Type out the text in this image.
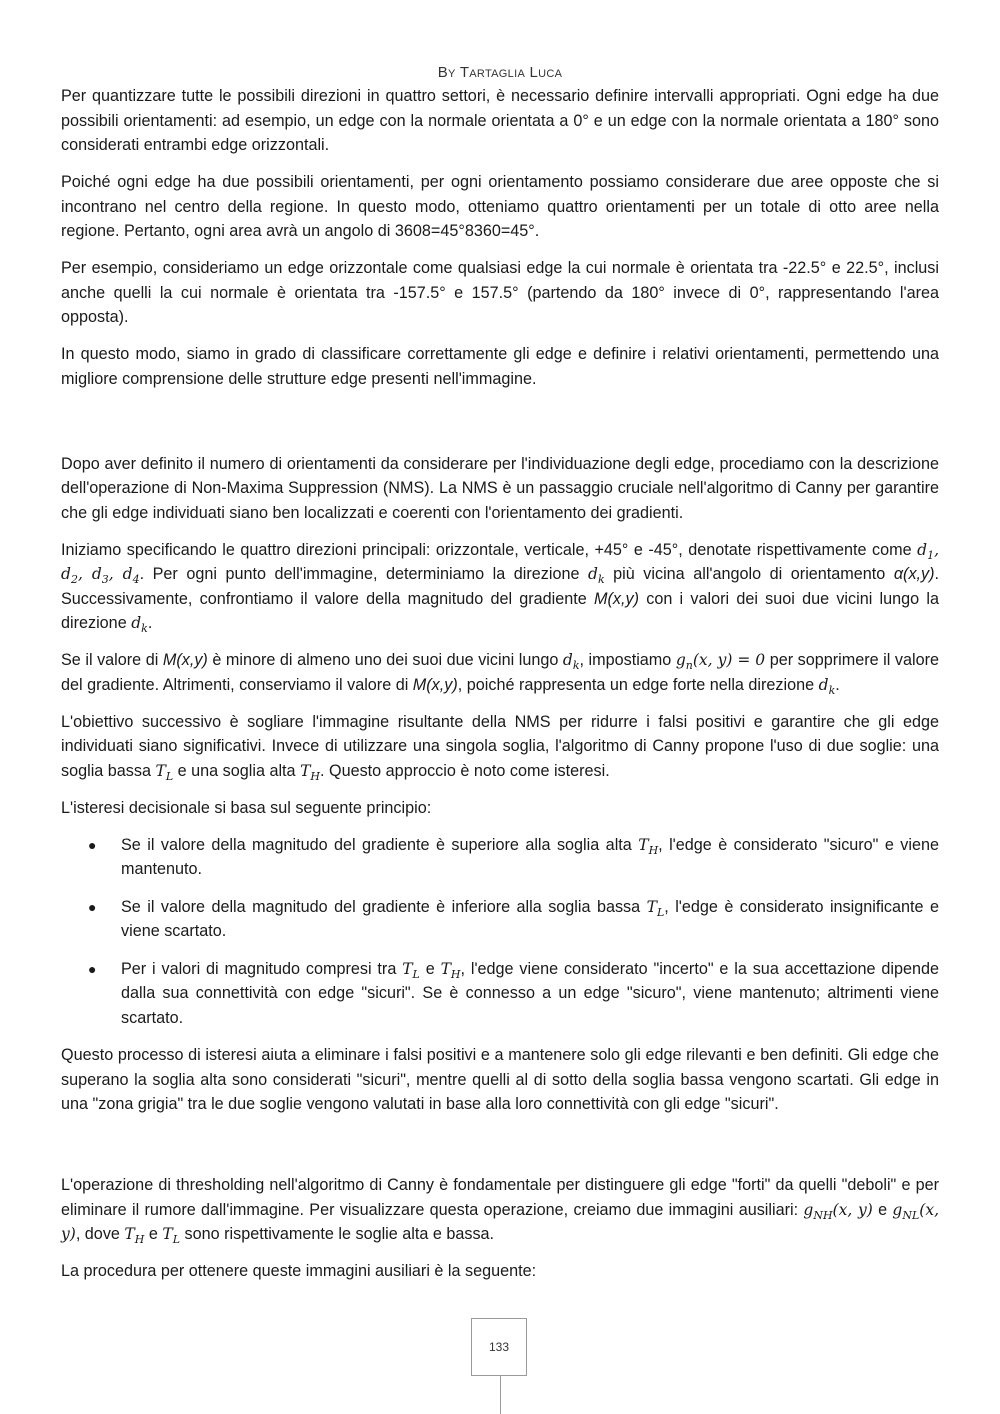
By Tartaglia Luca

Per quantizzare tutte le possibili direzioni in quattro settori, è necessario definire intervalli appropriati. Ogni edge ha due possibili orientamenti: ad esempio, un edge con la normale orientata a 0° e un edge con la normale orientata a 180° sono considerati entrambi edge orizzontali.

Poiché ogni edge ha due possibili orientamenti, per ogni orientamento possiamo considerare due aree opposte che si incontrano nel centro della regione. In questo modo, otteniamo quattro orientamenti per un totale di otto aree nella regione. Pertanto, ogni area avrà un angolo di 3608=45°8360=45°.

Per esempio, consideriamo un edge orizzontale come qualsiasi edge la cui normale è orientata tra -22.5° e 22.5°, inclusi anche quelli la cui normale è orientata tra -157.5° e 157.5° (partendo da 180° invece di 0°, rappresentando l'area opposta).

In questo modo, siamo in grado di classificare correttamente gli edge e definire i relativi orientamenti, permettendo una migliore comprensione delle strutture edge presenti nell'immagine.

Dopo aver definito il numero di orientamenti da considerare per l'individuazione degli edge, procediamo con la descrizione dell'operazione di Non-Maxima Suppression (NMS). La NMS è un passaggio cruciale nell'algoritmo di Canny per garantire che gli edge individuati siano ben localizzati e coerenti con l'orientamento dei gradienti.

Iniziamo specificando le quattro direzioni principali: orizzontale, verticale, +45° e -45°, denotate rispettivamente come $d_1$, $d_2$, $d_3$, $d_4$. Per ogni punto dell'immagine, determiniamo la direzione $d_k$ più vicina all'angolo di orientamento α(x,y). Successivamente, confrontiamo il valore della magnitudo del gradiente M(x,y) con i valori dei suoi due vicini lungo la direzione $d_k$.

Se il valore di M(x,y) è minore di almeno uno dei suoi due vicini lungo $d_k$, impostiamo $g_n(x$, y) = 0 per sopprimere il valore del gradiente. Altrimenti, conserviamo il valore di M(x,y), poiché rappresenta un edge forte nella direzione $d_k$.

L'obiettivo successivo è sogliare l'immagine risultante della NMS per ridurre i falsi positivi e garantire che gli edge individuati siano significativi. Invece di utilizzare una singola soglia, l'algoritmo di Canny propone l'uso di due soglie: una soglia bassa $T_L$ e una soglia alta $T_H$. Questo approccio è noto come isteresi.

L'isteresi decisionale si basa sul seguente principio:

● Se il valore della magnitudo del gradiente è superiore alla soglia alta $T_H$, l'edge è considerato "sicuro" e viene mantenuto.
● Se il valore della magnitudo del gradiente è inferiore alla soglia bassa $T_L$, l'edge è considerato insignificante e viene scartato.
● Per i valori di magnitudo compresi tra $T_L$ e $T_H$, l'edge viene considerato "incerto" e la sua accettazione dipende dalla sua connettività con edge "sicuri". Se è connesso a un edge "sicuro", viene mantenuto; altrimenti viene scartato.

Questo processo di isteresi aiuta a eliminare i falsi positivi e a mantenere solo gli edge rilevanti e ben definiti. Gli edge che superano la soglia alta sono considerati "sicuri", mentre quelli al di sotto della soglia bassa vengono scartati. Gli edge in una "zona grigia" tra le due soglie vengono valutati in base alla loro connettività con gli edge "sicuri".

L'operazione di thresholding nell'algoritmo di Canny è fondamentale per distinguere gli edge "forti" da quelli "deboli" e per eliminare il rumore dall'immagine. Per visualizzare questa operazione, creiamo due immagini ausiliari: $g_{NH}(x$, y) e $g_{NL}(x$, y), dove $T_H$ e $T_L$ sono rispettivamente le soglie alta e bassa.

La procedura per ottenere queste immagini ausiliari è la seguente:

133
